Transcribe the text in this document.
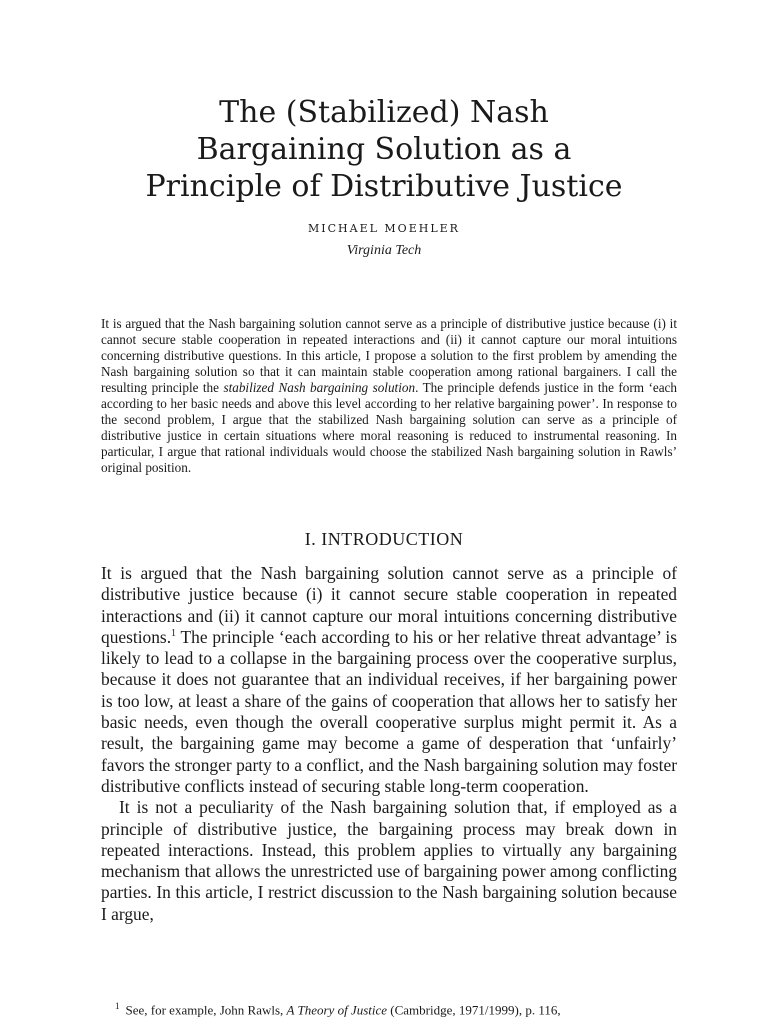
The (Stabilized) Nash
Bargaining Solution as a
Principle of Distributive Justice
MICHAEL MOEHLER
Virginia Tech

It is argued that the Nash bargaining solution cannot serve as a principle of distributive justice because (i) it cannot secure stable cooperation in repeated interactions and (ii) it cannot capture our moral intuitions concerning distributive questions. In this article, I propose a solution to the first problem by amending the Nash bargaining solution so that it can maintain stable cooperation among rational bargainers. I call the resulting principle the stabilized Nash bargaining solution. The principle defends justice in the form ‘each according to her basic needs and above this level according to her relative bargaining power’. In response to the second problem, I argue that the stabilized Nash bargaining solution can serve as a principle of distributive justice in certain situations where moral reasoning is reduced to instrumental reasoning. In particular, I argue that rational individuals would choose the stabilized Nash bargaining solution in Rawls’ original position.

I. INTRODUCTION

It is argued that the Nash bargaining solution cannot serve as a principle of distributive justice because (i) it cannot secure stable cooperation in repeated interactions and (ii) it cannot capture our moral intuitions concerning distributive questions.$^1$ The principle ‘each according to his or her relative threat advantage’ is likely to lead to a collapse in the bargaining process over the cooperative surplus, because it does not guarantee that an individual receives, if her bargaining power is too low, at least a share of the gains of cooperation that allows her to satisfy her basic needs, even though the overall cooperative surplus might permit it. As a result, the bargaining game may become a game of desperation that ‘unfairly’ favors the stronger party to a conflict, and the Nash bargaining solution may foster distributive conflicts instead of securing stable long-term cooperation.

It is not a peculiarity of the Nash bargaining solution that, if employed as a principle of distributive justice, the bargaining process may break down in repeated interactions. Instead, this problem applies to virtually any bargaining mechanism that allows the unrestricted use of bargaining power among conflicting parties. In this article, I restrict discussion to the Nash bargaining solution because I argue,

$^1$ See, for example, John Rawls, A Theory of Justice (Cambridge, 1971/1999), p. 116,
